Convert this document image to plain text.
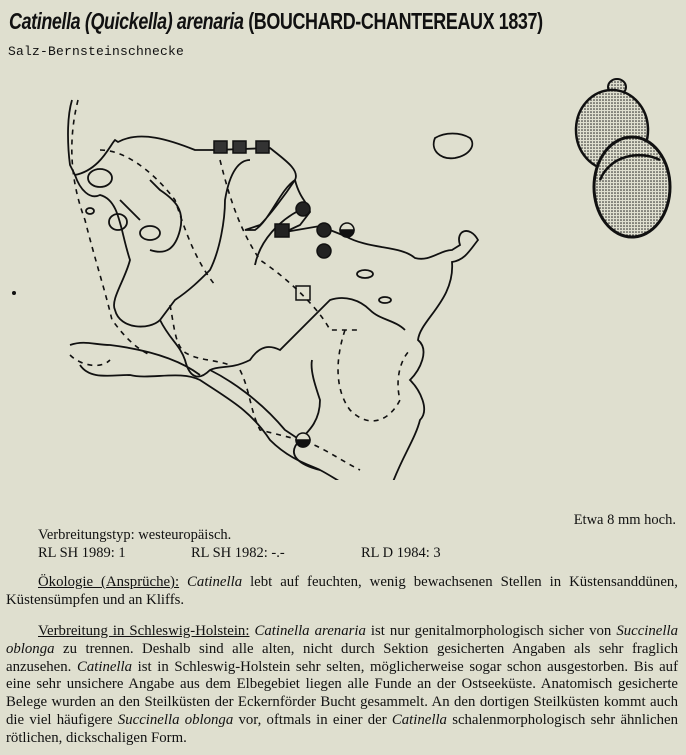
Catinella (Quickella) arenaria (BOUCHARD-CHANTEREAUX 1837)
Salz-Bernsteinschnecke
Etwa 8 mm hoch.
Verbreitungstyp: westeuropäisch.
RL SH 1989: 1	RL SH 1982: -.-	RL D 1984: 3
Ökologie (Ansprüche): Catinella lebt auf feuchten, wenig bewachsenen Stellen in Küstensanddünen, Küstensümpfen und an Kliffs.
Verbreitung in Schleswig-Holstein: Catinella arenaria ist nur genitalmorphologisch sicher von Succinella oblonga zu trennen. Deshalb sind alle alten, nicht durch Sektion gesicherten Angaben als sehr fraglich anzusehen. Catinella ist in Schleswig-Holstein sehr selten, möglicherweise sogar schon ausgestorben. Bis auf eine sehr unsichere Angabe aus dem Elbegebiet liegen alle Funde an der Ostseeküste. Anatomisch gesicherte Belege wurden an den Steilküsten der Eckernförder Bucht gesammelt. An den dortigen Steilküsten kommt auch die viel häufigere Succinella oblonga vor, oftmals in einer der Catinella schalenmorphologisch sehr ähnlichen rötlichen, dickschaligen Form.
